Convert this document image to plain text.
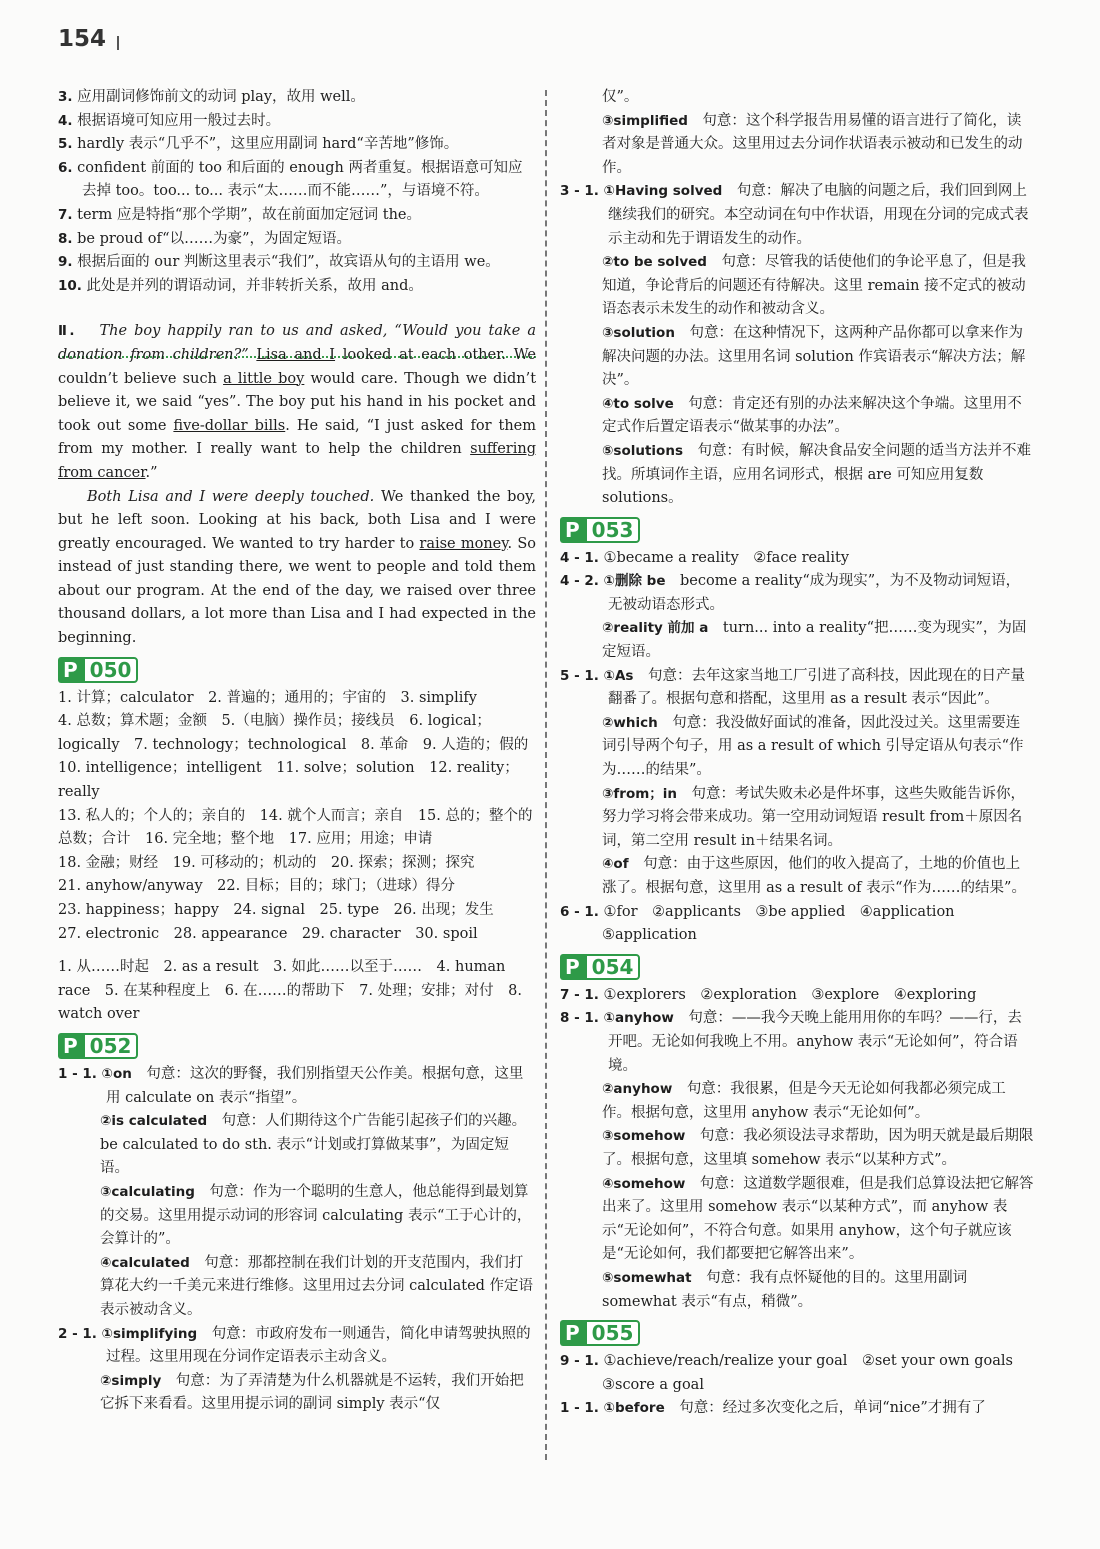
154

3. 应用副词修饰前文的动词 play，故用 well。

4. 根据语境可知应用一般过去时。

5. hardly 表示“几乎不”，这里应用副词 hard“辛苦地”修饰。

6. confident 前面的 too 和后面的 enough 两者重复。根据语意可知应去掉 too。too... to... 表示“太……而不能……”，与语境不符。

7. term 应是特指“那个学期”，故在前面加定冠词 the。

8. be proud of“以……为豪”，为固定短语。

9. 根据后面的 our 判断这里表示“我们”，故宾语从句的主语用 we。

10. 此处是并列的谓语动词，并非转折关系，故用 and。

Ⅱ. The boy happily ran to us and asked, “Would you take a donation from children?” Lisa and I looked at each other. We couldn’t believe such a little boy would care. Though we didn’t believe it, we said “yes”. The boy put his hand in his pocket and took out some five-dollar bills. He said, “I just asked for them from my mother. I really want to help the children suffering from cancer.”
Both Lisa and I were deeply touched. We thanked the boy, but he left soon. Looking at his back, both Lisa and I were greatly encouraged. We wanted to try harder to raise money. So instead of just standing there, we went to people and told them about our program. At the end of the day, we raised over three thousand dollars, a lot more than Lisa and I had expected in the beginning.
P 050
1. 计算；calculator　2. 普遍的；通用的；宇宙的　3. simplify
4. 总数；算术题；金额　5.（电脑）操作员；接线员　6. logical；logically　7. technology；technological　8. 革命　9. 人造的；假的
10. intelligence；intelligent　11. solve；solution　12. reality；really
13. 私人的；个人的；亲自的　14. 就个人而言；亲自　15. 总的；整个的　总数；合计　16. 完全地；整个地　17. 应用；用途；申请
18. 金融；财经　19. 可移动的；机动的　20. 探索；探测；探究
21. anyhow/anyway　22. 目标；目的；球门；（进球）得分
23. happiness；happy　24. signal　25. type　26. 出现；发生
27. electronic　28. appearance　29. character　30. spoil
1. 从……时起　2. as a result　3. 如此……以至于……　4. human race　5. 在某种程度上　6. 在……的帮助下　7. 处理；安排；对付　8. watch over
P 052

1 - 1. ①on　 句意：这次的野餐，我们别指望天公作美。根据句意，这里用 calculate on 表示“指望”。

②is calculated　 句意：人们期待这个广告能引起孩子们的兴趣。be calculated to do sth. 表示“计划或打算做某事”，为固定短语。

③calculating　 句意：作为一个聪明的生意人，他总能得到最划算的交易。这里用提示动词的形容词 calculating 表示“工于心计的，会算计的”。

④calculated　 句意：那都控制在我们计划的开支范围内，我们打算花大约一千美元来进行维修。这里用过去分词 calculated 作定语表示被动含义。

2 - 1. ①simplifying　 句意：市政府发布一则通告，简化申请驾驶执照的过程。这里用现在分词作定语表示主动含义。

②simply　 句意：为了弄清楚为什么机器就是不运转，我们开始把它拆下来看看。这里用提示词的副词 simply 表示“仅

仅”。

③simplified　 句意：这个科学报告用易懂的语言进行了简化，读者对象是普通大众。这里用过去分词作状语表示被动和已发生的动作。

3 - 1. ①Having solved　 句意：解决了电脑的问题之后，我们回到网上继续我们的研究。本空动词在句中作状语，用现在分词的完成式表示主动和先于谓语发生的动作。

②to be solved　 句意：尽管我的话使他们的争论平息了，但是我知道，争论背后的问题还有待解决。这里 remain 接不定式的被动语态表示未发生的动作和被动含义。

③solution　 句意：在这种情况下，这两种产品你都可以拿来作为解决问题的办法。这里用名词 solution 作宾语表示“解决方法；解决”。

④to solve　 句意：肯定还有别的办法来解决这个争端。这里用不定式作后置定语表示“做某事的办法”。

⑤solutions　 句意：有时候，解决食品安全问题的适当方法并不难找。所填词作主语，应用名词形式，根据 are 可知应用复数 solutions。

P 053

4 - 1. ①became a reality　②face reality

4 - 2. ①删除 be　 become a reality“成为现实”，为不及物动词短语，无被动语态形式。

②reality 前加 a　 turn... into a reality“把……变为现实”，为固定短语。

5 - 1. ①As　 句意：去年这家当地工厂引进了高科技，因此现在的日产量翻番了。根据句意和搭配，这里用 as a result 表示“因此”。

②which　 句意：我没做好面试的准备，因此没过关。这里需要连词引导两个句子，用 as a result of which 引导定语从句表示“作为……的结果”。

③from；in　 句意：考试失败未必是件坏事，这些失败能告诉你，努力学习将会带来成功。第一空用动词短语 result from＋原因名词，第二空用 result in＋结果名词。

④of　 句意：由于这些原因，他们的收入提高了，土地的价值也上涨了。根据句意，这里用 as a result of 表示“作为……的结果”。

6 - 1. ①for　②applicants　③be applied　④application

⑤application

P 054

7 - 1. ①explorers　②exploration　③explore　④exploring

8 - 1. ①anyhow　 句意：——我今天晚上能用用你的车吗？——行，去开吧。无论如何我晚上不用。anyhow 表示“无论如何”，符合语境。

②anyhow　 句意：我很累，但是今天无论如何我都必须完成工作。根据句意，这里用 anyhow 表示“无论如何”。

③somehow　 句意：我必须设法寻求帮助，因为明天就是最后期限了。根据句意，这里填 somehow 表示“以某种方式”。

④somehow　 句意：这道数学题很难，但是我们总算设法把它解答出来了。这里用 somehow 表示“以某种方式”，而 anyhow 表示“无论如何”，不符合句意。如果用 anyhow，这个句子就应该是“无论如何，我们都要把它解答出来”。

⑤somewhat　 句意：我有点怀疑他的目的。这里用副词 somewhat 表示“有点，稍微”。

P 055

9 - 1. ①achieve/reach/realize your goal　②set your own goals

③score a goal

1 - 1. ①before　 句意：经过多次变化之后，单词“nice”才拥有了
